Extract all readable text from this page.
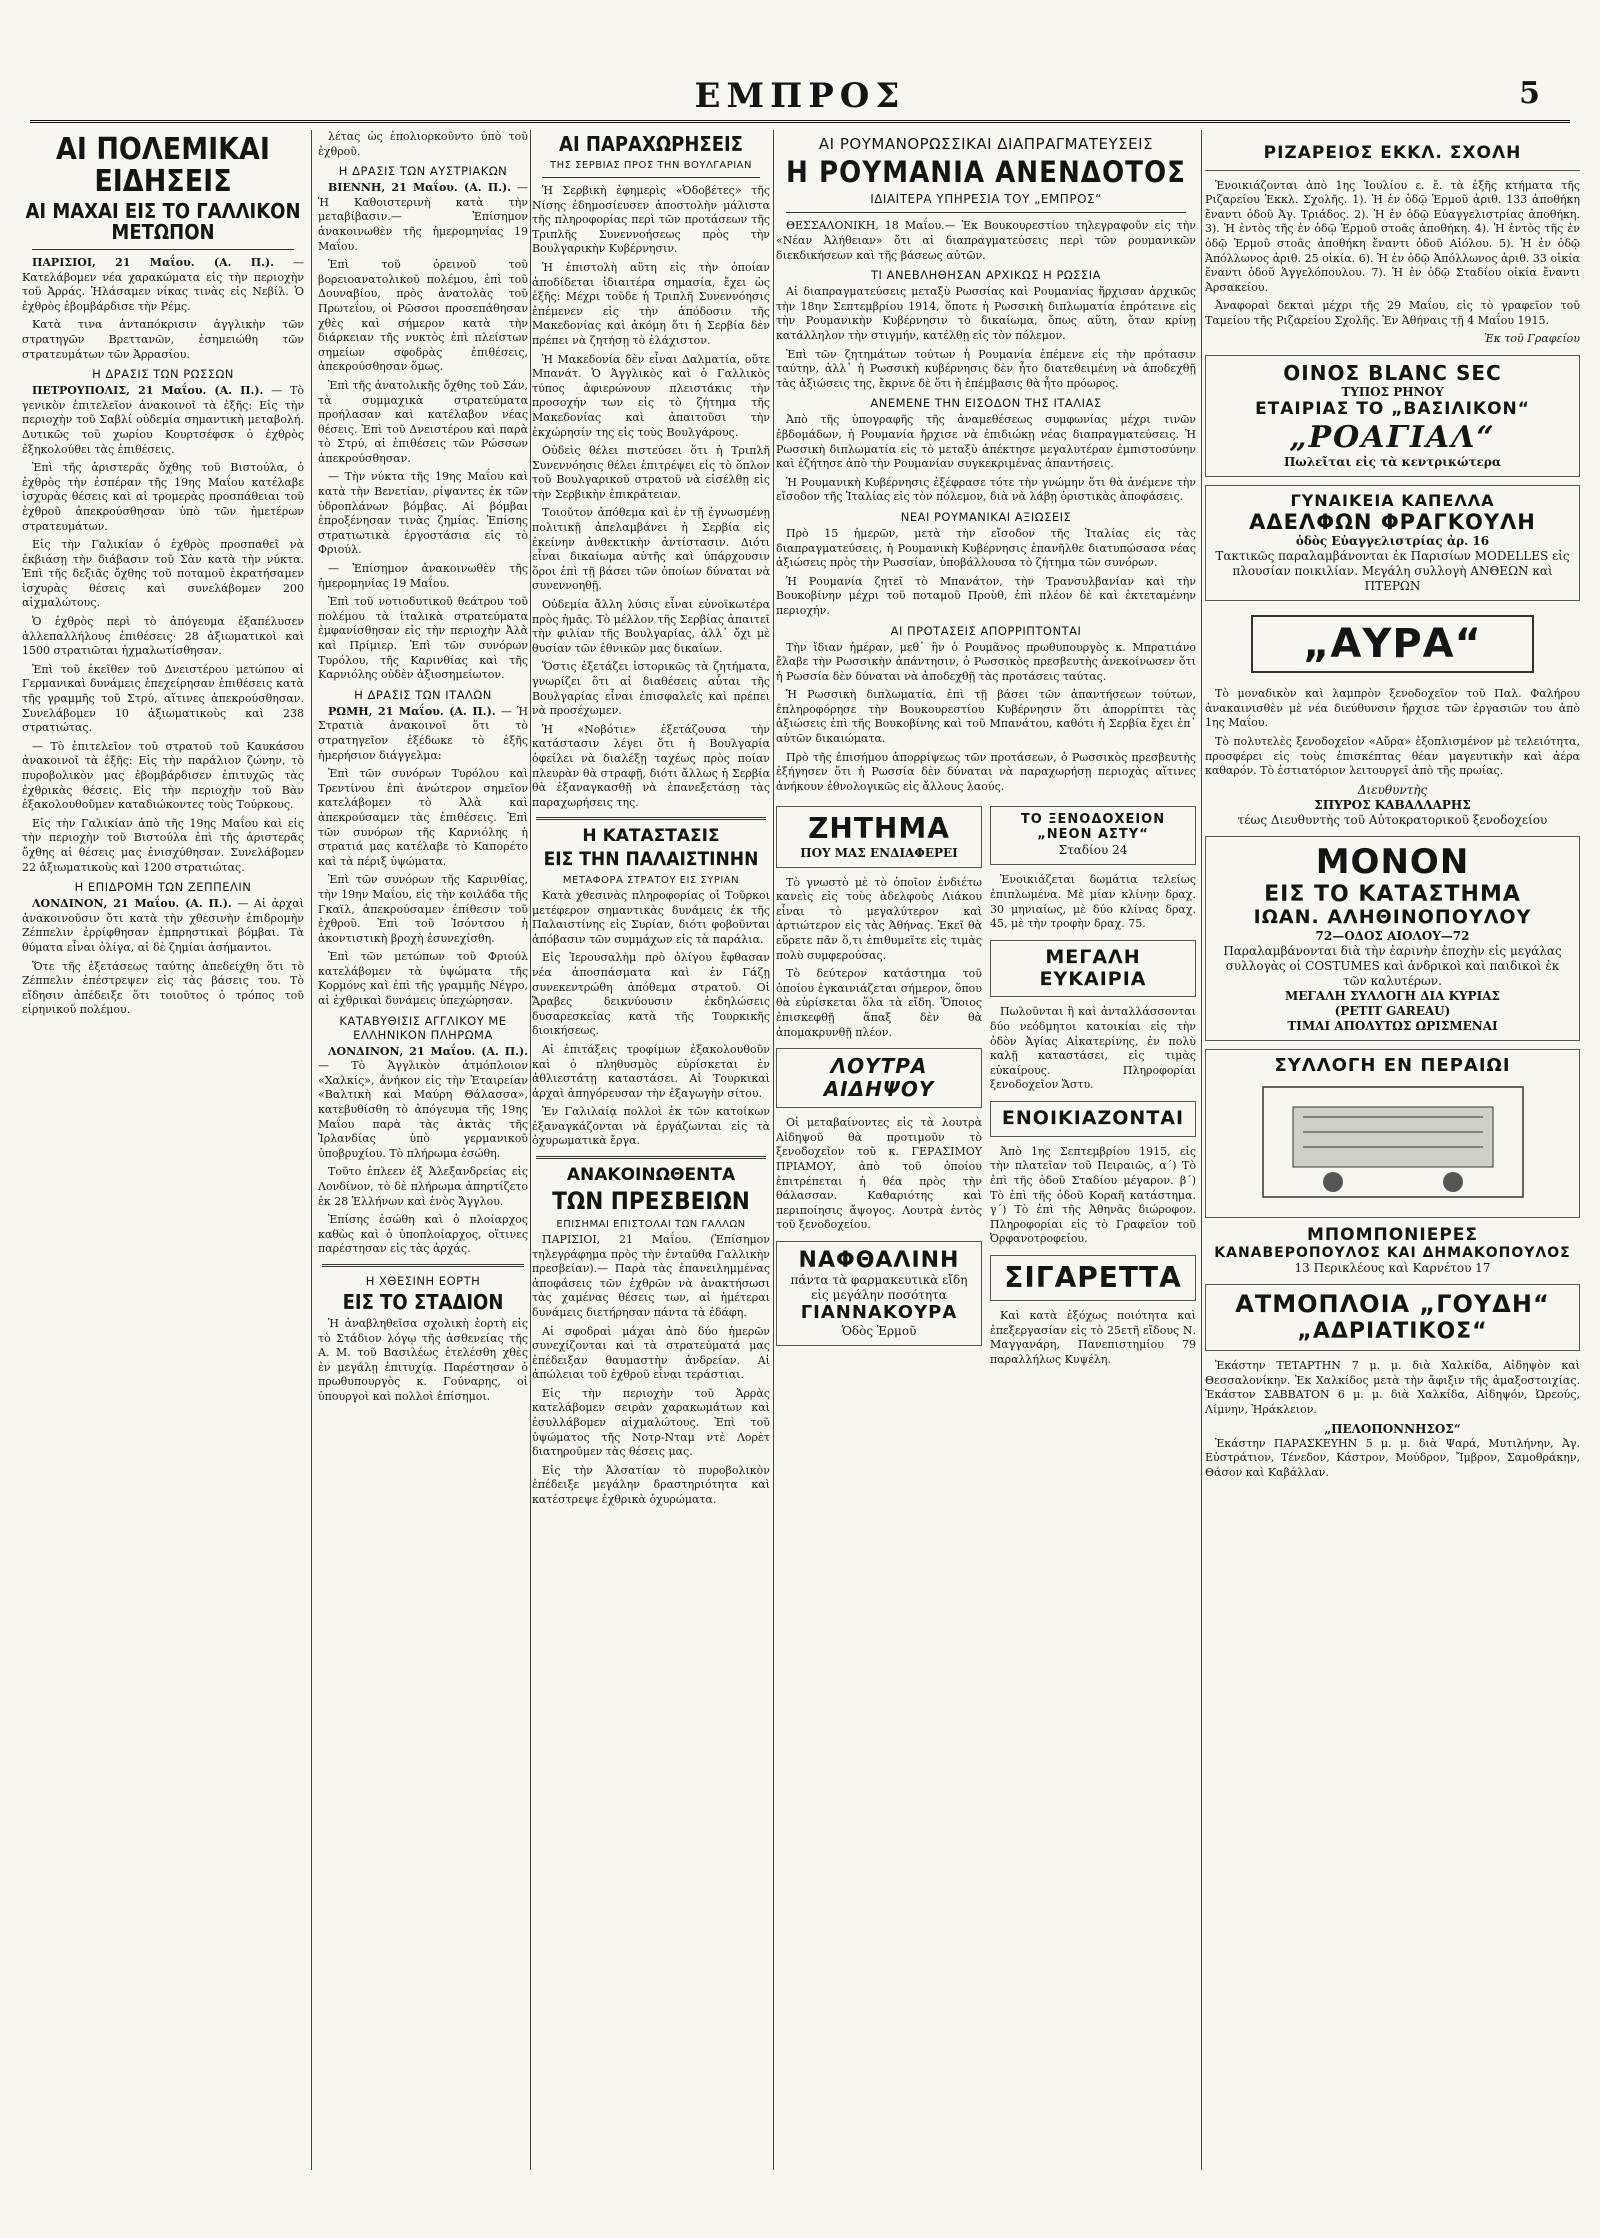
ΕΜΠΡΟΣ	5
ΑΙ ΠΟΛΕΜΙΚΑΙ ΕΙΔΗΣΕΙΣ
ΑΙ ΜΑΧΑΙ ΕΙΣ ΤΟ ΓΑΛΛΙΚΟΝ ΜΕΤΩΠΟΝ

ΠΑΡΙΣΙΟΙ, 21 Μαΐου. (Α. Π.). — Κατελάβομεν νέα χαρακώματα εἰς τὴν περιοχὴν τοῦ Ἀρράς. Ἠλάσαμεν νίκας τινὰς εἰς Νεβίλ. Ὁ ἐχθρὸς ἐβομβάρδισε τὴν Ρέμς.

Κατὰ τινα ἀνταπόκρισιν ἀγγλικὴν τῶν στρατηγῶν Βρεττανῶν, ἐσημειώθη τῶν στρατευμάτων τῶν Ἀρρασίου.

Η ΔΡΑΣΙΣ ΤΩΝ ΡΩΣΣΩΝ

ΠΕΤΡΟΥΠΟΛΙΣ, 21 Μαΐου. (Α. Π.). — Τὸ γενικὸν ἐπιτελεῖον ἀνακοινοῖ τὰ ἑξῆς: Εἰς τὴν περιοχὴν τοῦ Σαβλί οὐδεμία σημαντικὴ μεταβολή. Δυτικῶς τοῦ χωρίου Κουρτσέφσκ ὁ ἐχθρὸς ἐξηκολούθει τὰς ἐπιθέσεις.

Ἐπὶ τῆς ἀριστερᾶς ὄχθης τοῦ Βιστούλα, ὁ ἐχθρὸς τὴν ἐσπέραν τῆς 19ης Μαΐου κατέλαβε ἰσχυρὰς θέσεις καὶ αἱ τρομερὰς προσπάθειαι τοῦ ἐχθροῦ ἀπεκρούσθησαν ὑπὸ τῶν ἡμετέρων στρατευμάτων.

Εἰς τὴν Γαλικίαν ὁ ἐχθρὸς προσπαθεῖ νὰ ἐκβιάσῃ τὴν διάβασιν τοῦ Σὰν κατὰ τὴν νύκτα. Ἐπὶ τῆς δεξιᾶς ὄχθης τοῦ ποταμοῦ ἐκρατήσαμεν ἰσχυρὰς θέσεις καὶ συνελάβομεν 200 αἰχμαλώτους.

Ὁ ἐχθρὸς περὶ τὸ ἀπόγευμα ἐξαπέλυσεν ἀλλεπαλλήλους ἐπιθέσεις· 28 ἀξιωματικοὶ καὶ 1500 στρατιῶται ἠχμαλωτίσθησαν.

Ἐπὶ τοῦ ἐκεῖθεν τοῦ Δνειστέρου μετώπου αἱ Γερμανικαὶ δυνάμεις ἐπεχείρησαν ἐπιθέσεις κατὰ τῆς γραμμῆς τοῦ Στρύ, αἵτινες ἀπεκρούσθησαν. Συνελάβομεν 10 ἀξιωματικοὺς καὶ 238 στρατιώτας.

— Τὸ ἐπιτελεῖον τοῦ στρατοῦ τοῦ Καυκάσου ἀνακοινοῖ τὰ ἑξῆς: Εἰς τὴν παράλιον ζώνην, τὸ πυροβολικὸν μας ἐβομβάρδισεν ἐπιτυχῶς τὰς ἐχθρικὰς θέσεις. Εἰς τὴν περιοχὴν τοῦ Βὰν ἐξακολουθοῦμεν καταδιώκοντες τοὺς Τούρκους.

Εἰς τὴν Γαλικίαν ἀπὸ τῆς 19ης Μαΐου καὶ εἰς τὴν περιοχὴν τοῦ Βιστούλα ἐπὶ τῆς ἀριστερᾶς ὄχθης αἱ θέσεις μας ἐνισχύθησαν. Συνελάβομεν 22 ἀξιωματικοὺς καὶ 1200 στρατιώτας.

Η ΕΠΙΔΡΟΜΗ ΤΩΝ ΖΕΠΠΕΛΙΝ

ΛΟΝΔΙΝΟΝ, 21 Μαΐου. (Α. Π.). — Αἱ ἀρχαὶ ἀνακοινοῦσιν ὅτι κατὰ τὴν χθεσινὴν ἐπιδρομὴν Ζέππελιν ἐρρίφθησαν ἐμπρηστικαὶ βόμβαι. Τὰ θύματα εἶναι ὀλίγα, αἱ δὲ ζημίαι ἀσήμαντοι.

Ὅτε τῆς ἐξετάσεως ταύτης ἀπεδείχθη ὅτι τὸ Ζέππελιν ἐπέστρεψεν εἰς τὰς βάσεις του. Τὸ εἴδησιν ἀπέδειξε ὅτι τοιοῦτος ὁ τρόπος τοῦ εἰρηνικοῦ πολέμου.

λέτας ὡς ἐπολιορκοῦντο ὑπὸ τοῦ ἐχθροῦ.

Η ΔΡΑΣΙΣ ΤΩΝ ΑΥΣΤΡΙΑΚΩΝ

ΒΙΕΝΝΗ, 21 Μαΐου. (Α. Π.). — Ἡ Καθοιστερινὴ κατὰ τὴν μεταβίβασιν.— Ἐπίσημον ἀνακοινωθὲν τῆς ἡμερομηνίας 19 Μαΐου.

Ἐπὶ τοῦ ὀρεινοῦ τοῦ βορειοανατολικοῦ πολέμου, ἐπὶ τοῦ Δουναβίου, πρὸς ἀνατολὰς τοῦ Πρωτεΐου, οἱ Ρῶσσοι προσεπάθησαν χθὲς καὶ σήμερον κατὰ τὴν διάρκειαν τῆς νυκτὸς ἐπὶ πλείστων σημείων σφοδρὰς ἐπιθέσεις, ἀπεκρούσθησαν ὅμως.

Ἐπὶ τῆς ἀνατολικῆς ὄχθης τοῦ Σάν, τὰ συμμαχικὰ στρατεύματα προήλασαν καὶ κατέλαβον νέας θέσεις. Ἐπὶ τοῦ Δνειστέρου καὶ παρὰ τὸ Στρύ, αἱ ἐπιθέσεις τῶν Ρώσσων ἀπεκρούσθησαν.

— Τὴν νύκτα τῆς 19ης Μαΐου καὶ κατὰ τὴν Βενετίαν, ρίψαντες ἐκ τῶν ὑδροπλάνων βόμβας. Αἱ βόμβαι ἐπροξένησαν τινὰς ζημίας. Ἐπίσης στρατιωτικὰ ἐργοστάσια εἰς τὸ Φριούλ.

— Ἐπίσημον ἀνακοινωθὲν τῆς ἡμερομηνίας 19 Μαΐου.

Ἐπὶ τοῦ νοτιοδυτικοῦ θεάτρου τοῦ πολέμου τὰ ἰταλικὰ στρατεύματα ἐμφανίσθησαν εἰς τὴν περιοχὴν Ἀλὰ καὶ Πρίμιερ. Ἐπὶ τῶν συνόρων Τυρόλου, τῆς Καρινθίας καὶ τῆς Καρνιόλης οὐδὲν ἀξιοσημείωτον.

Η ΔΡΑΣΙΣ ΤΩΝ ΙΤΑΛΩΝ

ΡΩΜΗ, 21 Μαΐου. (Α. Π.). — Ἡ Στρατιὰ ἀνακοινοῖ ὅτι τὸ στρατηγεῖον ἐξέδωκε τὸ ἑξῆς ἡμερήσιον διάγγελμα:

Ἐπὶ τῶν συνόρων Τυρόλου καὶ Τρεντίνου ἐπὶ ἀνώτερον σημεῖον κατελάβομεν τὸ Ἀλὰ καὶ ἀπεκρούσαμεν τὰς ἐπιθέσεις. Ἐπὶ τῶν συνόρων τῆς Καρνιόλης ἡ στρατιά μας κατέλαβε τὸ Καπορέτο καὶ τὰ πέριξ ὑψώματα.

Ἐπὶ τῶν συνόρων τῆς Καρινθίας, τὴν 19ην Μαΐου, εἰς τὴν κοιλάδα τῆς Γκαϊλ, ἀπεκρούσαμεν ἐπίθεσιν τοῦ ἐχθροῦ. Ἐπὶ τοῦ Ἰσόντσου ἡ ἀκοντιστικὴ βροχὴ ἐσυνεχίσθη.

Ἐπὶ τῶν μετώπων τοῦ Φριούλ κατελάβομεν τὰ ὑψώματα τῆς Κορμόνς καὶ ἐπὶ τῆς γραμμῆς Νέγρο, αἱ ἐχθρικαὶ δυνάμεις ὑπεχώρησαν.

ΚΑΤΑΒΥΘΙΣΙΣ ΑΓΓΛΙΚΟΥ ΜΕ ΕΛΛΗΝΙΚΟΝ ΠΛΗΡΩΜΑ

ΛΟΝΔΙΝΟΝ, 21 Μαΐου. (Α. Π.). — Τὸ Ἀγγλικὸν ἀτμόπλοιον «Χαλκίς», ἀνήκον εἰς τὴν Ἑταιρείαν «Βαλτικὴ καὶ Μαύρη Θάλασσα», κατεβυθίσθη τὸ ἀπόγευμα τῆς 19ης Μαΐου παρὰ τὰς ἀκτὰς τῆς Ἰρλανδίας ὑπὸ γερμανικοῦ ὑποβρυχίου. Τὸ πλήρωμα ἐσώθη.

Τοῦτο ἐπλεεν ἐξ Ἀλεξανδρείας εἰς Λονδίνον, τὸ δὲ πλήρωμα ἀπηρτίζετο ἐκ 28 Ἑλλήνων καὶ ἑνὸς Ἄγγλου.

Ἐπίσης ἐσώθη καὶ ὁ πλοίαρχος καθὼς καὶ ὁ ὑποπλοίαρχος, οἵτινες παρέστησαν εἰς τὰς ἀρχάς.

Η ΧΘΕΣΙΝΗ ΕΟΡΤΗ
ΕΙΣ ΤΟ ΣΤΑΔΙΟΝ

Ἡ ἀναβληθεῖσα σχολικὴ ἑορτὴ εἰς τὸ Στάδιον λόγῳ τῆς ἀσθενείας τῆς Α. Μ. τοῦ Βασιλέως ἐτελέσθη χθὲς ἐν μεγάλῃ ἐπιτυχίᾳ. Παρέστησαν ὁ πρωθυπουργὸς κ. Γούναρης, οἱ ὑπουργοὶ καὶ πολλοὶ ἐπίσημοι.

ΑΙ ΠΑΡΑΧΩΡΗΣΕΙΣ
ΤΗΣ ΣΕΡΒΙΑΣ ΠΡΟΣ ΤΗΝ ΒΟΥΛΓΑΡΙΑΝ

Ἡ Σερβικὴ ἐφημερὶς «Ὀδοβέτες» τῆς Νίσης ἐδημοσίευσεν ἀποστολὴν μάλιστα τῆς πληροφορίας περὶ τῶν προτάσεων τῆς Τριπλῆς Συνεννοήσεως πρὸς τὴν Βουλγαρικὴν Κυβέρνησιν.

Ἡ ἐπιστολὴ αὕτη εἰς τὴν ὁποίαν ἀποδίδεται ἰδιαιτέρα σημασία, ἔχει ὡς ἑξῆς: Μέχρι τοῦδε ἡ Τριπλῆ Συνεννόησις ἐπέμενεν εἰς τὴν ἀπόδοσιν τῆς Μακεδονίας καὶ ἀκόμη ὅτι ἡ Σερβία δὲν πρέπει νὰ ζητήσῃ τὸ ἐλάχιστον.

Ἡ Μακεδονία δὲν εἶναι Δαλματία, οὔτε Μπανάτ. Ὁ Ἀγγλικὸς καὶ ὁ Γαλλικὸς τύπος ἀφιερώνουν πλειστάκις τὴν προσοχήν των εἰς τὸ ζήτημα τῆς Μακεδονίας καὶ ἀπαιτοῦσι τὴν ἐκχώρησίν της εἰς τοὺς Βουλγάρους.

Οὐδεὶς θέλει πιστεύσει ὅτι ἡ Τριπλῆ Συνεννόησις θέλει ἐπιτρέψει εἰς τὸ ὅπλον τοῦ Βουλγαρικοῦ στρατοῦ νὰ εἰσέλθῃ εἰς τὴν Σερβικὴν ἐπικράτειαν.

Τοιοῦτον ἀπόθεμα καὶ ἐν τῇ ἐγνωσμένῃ πολιτικῇ ἀπελαμβάνει ἡ Σερβία εἰς ἐκείνην ἀνθεκτικὴν ἀντίστασιν. Διότι εἶναι δικαίωμα αὐτῆς καὶ ὑπάρχουσιν ὅροι ἐπὶ τῇ βάσει τῶν ὁποίων δύναται νὰ συνεννοηθῇ.

Οὐδεμία ἄλλη λύσις εἶναι εὐνοϊκωτέρα πρὸς ἡμᾶς. Τὸ μέλλον τῆς Σερβίας ἀπαιτεῖ τὴν φιλίαν τῆς Βουλγαρίας, ἀλλ᾽ ὄχι μὲ θυσίαν τῶν ἐθνικῶν μας δικαίων.

Ὅστις ἐξετάζει ἱστορικῶς τὰ ζητήματα, γνωρίζει ὅτι αἱ διαθέσεις αὗται τῆς Βουλγαρίας εἶναι ἐπισφαλεῖς καὶ πρέπει νὰ προσέχωμεν.

Ἡ «Νοβότιε» ἐξετάζουσα τὴν κατάστασιν λέγει ὅτι ἡ Βουλγαρία ὀφείλει νὰ διαλέξῃ ταχέως πρὸς ποίαν πλευρὰν θὰ στραφῇ, διότι ἄλλως ἡ Σερβία θὰ ἐξαναγκασθῇ νὰ ἐπανεξετάσῃ τὰς παραχωρήσεις της.

Η ΚΑΤΑΣΤΑΣΙΣ
ΕΙΣ ΤΗΝ ΠΑΛΑΙΣΤΙΝΗΝ
ΜΕΤΑΦΟΡΑ ΣΤΡΑΤΟΥ ΕΙΣ ΣΥΡΙΑΝ

Κατὰ χθεσινὰς πληροφορίας οἱ Τοῦρκοι μετέφερον σημαντικὰς δυνάμεις ἐκ τῆς Παλαιστίνης εἰς Συρίαν, διότι φοβοῦνται ἀπόβασιν τῶν συμμάχων εἰς τὰ παράλια.

Εἰς Ἱερουσαλὴμ πρὸ ὀλίγου ἔφθασαν νέα ἀποσπάσματα καὶ ἐν Γάζῃ συνεκεντρώθη ἀπόθεμα στρατοῦ. Οἱ Ἄραβες δεικνύουσιν ἐκδηλώσεις δυσαρεσκείας κατὰ τῆς Τουρκικῆς διοικήσεως.

Αἱ ἐπιτάξεις τροφίμων ἐξακολουθοῦν καὶ ὁ πληθυσμὸς εὑρίσκεται ἐν ἀθλιεστάτῃ καταστάσει. Αἱ Τουρκικαὶ ἀρχαὶ ἀπηγόρευσαν τὴν ἐξαγωγὴν σίτου.

Ἐν Γαλιλαίᾳ πολλοὶ ἐκ τῶν κατοίκων ἐξαναγκάζονται νὰ ἐργάζωνται εἰς τὰ ὀχυρωματικὰ ἔργα.

ΑΝΑΚΟΙΝΩΘΕΝΤΑ
ΤΩΝ ΠΡΕΣΒΕΙΩΝ
ΕΠΙΣΗΜΑΙ ΕΠΙΣΤΟΛΑΙ ΤΩΝ ΓΑΛΛΩΝ

ΠΑΡΙΣΙΟΙ, 21 Μαΐου. (Ἐπίσημον τηλεγράφημα πρὸς τὴν ἐνταῦθα Γαλλικὴν πρεσβείαν).— Παρὰ τὰς ἐπανειλημμένας ἀποφάσεις τῶν ἐχθρῶν νὰ ἀνακτήσωσι τὰς χαμένας θέσεις των, αἱ ἡμέτεραι δυνάμεις διετήρησαν πάντα τὰ ἐδάφη.

Αἱ σφοδραὶ μάχαι ἀπὸ δύο ἡμερῶν συνεχίζονται καὶ τὰ στρατεύματά μας ἐπέδειξαν θαυμαστὴν ἀνδρείαν. Αἱ ἀπώλειαι τοῦ ἐχθροῦ εἶναι τεράστιαι.

Εἰς τὴν περιοχὴν τοῦ Ἀρρὰς κατελάβομεν σειρὰν χαρακωμάτων καὶ ἐσυλλάβομεν αἰχμαλώτους. Ἐπὶ τοῦ ὑψώματος τῆς Νοτρ-Νταμ ντὲ Λορὲτ διατηροῦμεν τὰς θέσεις μας.

Εἰς τὴν Ἀλσατίαν τὸ πυροβολικὸν ἐπέδειξε μεγάλην δραστηριότητα καὶ κατέστρεψε ἐχθρικὰ ὀχυρώματα.

ΑΙ ΡΟΥΜΑΝΟΡΩΣΣΙΚΑΙ ΔΙΑΠΡΑΓΜΑΤΕΥΣΕΙΣ
Η ΡΟΥΜΑΝΙΑ ΑΝΕΝΔΟΤΟΣ
ΙΔΙΑΙΤΕΡΑ ΥΠΗΡΕΣΙΑ ΤΟΥ „ΕΜΠΡΟΣ“

ΘΕΣΣΑΛΟΝΙΚΗ, 18 Μαΐου.— Ἐκ Βουκουρεστίου τηλεγραφοῦν εἰς τὴν «Νέαν Ἀλήθειαν» ὅτι αἱ διαπραγματεύσεις περὶ τῶν ρουμανικῶν διεκδικήσεων καὶ τῆς βάσεως αὐτῶν.

ΤΙ ΑΝΕΒΛΗΘΗΣΑΝ ΑΡΧΙΚΩΣ Η ΡΩΣΣΙΑ

Αἱ διαπραγματεύσεις μεταξὺ Ρωσσίας καὶ Ρουμανίας ἤρχισαν ἀρχικῶς τὴν 18ην Σεπτεμβρίου 1914, ὅποτε ἡ Ρωσσικὴ διπλωματία ἐπρότεινε εἰς τὴν Ρουμανικὴν Κυβέρνησιν τὸ δικαίωμα, ὅπως αὕτη, ὅταν κρίνῃ κατάλληλον τὴν στιγμήν, κατέλθῃ εἰς τὸν πόλεμον.

Ἐπὶ τῶν ζητημάτων τούτων ἡ Ρουμανία ἐπέμενε εἰς τὴν πρότασιν ταύτην, ἀλλ᾽ ἡ Ρωσσικὴ κυβέρνησις δὲν ἦτο διατεθειμένη νὰ ἀποδεχθῇ τὰς ἀξιώσεις της, ἔκρινε δὲ ὅτι ἡ ἐπέμβασις θὰ ἦτο πρόωρος.

ΑΝΕΜΕΝΕ ΤΗΝ ΕΙΣΟΔΟΝ ΤΗΣ ΙΤΑΛΙΑΣ

Ἀπὸ τῆς ὑπογραφῆς τῆς ἀναμεθέσεως συμφωνίας μέχρι τινῶν ἑβδομάδων, ἡ Ρουμανία ἤρχισε νὰ ἐπιδιώκῃ νέας διαπραγματεύσεις. Ἡ Ρωσσικὴ διπλωματία εἰς τὸ μεταξὺ ἀπέκτησε μεγαλυτέραν ἐμπιστοσύνην καὶ ἐζήτησε ἀπὸ τὴν Ρουμανίαν συγκεκριμένας ἀπαντήσεις.

Ἡ Ρουμανικὴ Κυβέρνησις ἐξέφρασε τότε τὴν γνώμην ὅτι θὰ ἀνέμενε τὴν εἴσοδον τῆς Ἰταλίας εἰς τὸν πόλεμον, διὰ νὰ λάβῃ ὁριστικὰς ἀποφάσεις.

ΝΕΑΙ ΡΟΥΜΑΝΙΚΑΙ ΑΞΙΩΣΕΙΣ

Πρὸ 15 ἡμερῶν, μετὰ τὴν εἴσοδον τῆς Ἰταλίας εἰς τὰς διαπραγματεύσεις, ἡ Ρουμανικὴ Κυβέρνησις ἐπανῆλθε διατυπώσασα νέας ἀξιώσεις πρὸς τὴν Ρωσσίαν, ὑποβάλλουσα τὸ ζήτημα τῶν συνόρων.

Ἡ Ρουμανία ζητεῖ τὸ Μπανάτον, τὴν Τρανσυλβανίαν καὶ τὴν Βουκοβίνην μέχρι τοῦ ποταμοῦ Προὺθ, ἐπὶ πλέον δὲ καὶ ἐκτεταμένην περιοχήν.

ΑΙ ΠΡΟΤΑΣΕΙΣ ΑΠΟΡΡΙΠΤΟΝΤΑΙ

Τὴν ἴδιαν ἡμέραν, μεθ᾽ ἣν ὁ Ρουμᾶνος πρωθυπουργὸς κ. Μπρατιάνο ἔλαβε τὴν Ρωσσικὴν ἀπάντησιν, ὁ Ρωσσικὸς πρεσβευτὴς ἀνεκοίνωσεν ὅτι ἡ Ρωσσία δὲν δύναται νὰ ἀποδεχθῇ τὰς προτάσεις ταύτας.

Ἡ Ρωσσικὴ διπλωματία, ἐπὶ τῇ βάσει τῶν ἀπαντήσεων τούτων, ἐπληροφόρησε τὴν Βουκουρεστίου Κυβέρνησιν ὅτι ἀπορρίπτει τὰς ἀξιώσεις ἐπὶ τῆς Βουκοβίνης καὶ τοῦ Μπανάτου, καθότι ἡ Σερβία ἔχει ἐπ᾽ αὐτῶν δικαιώματα.

Πρὸ τῆς ἐπισήμου ἀπορρίψεως τῶν προτάσεων, ὁ Ρωσσικὸς πρεσβευτὴς ἐξήγησεν ὅτι ἡ Ρωσσία δὲν δύναται νὰ παραχωρήσῃ περιοχὰς αἵτινες ἀνήκουν ἐθνολογικῶς εἰς ἄλλους λαούς.

ΖΗΤΗΜΑ
ΠΟΥ ΜΑΣ ΕΝΔΙΑΦΕΡΕΙ

Τὸ γνωστὸ μὲ τὸ ὁποῖον ἐνδιέτω κανεὶς εἰς τοὺς ἀδελφοὺς Λιάκου εἶναι τὸ μεγαλύτερον καὶ ἀρτιώτερον εἰς τὰς Ἀθήνας. Ἐκεῖ θὰ εὕρετε πᾶν ὅ,τι ἐπιθυμεῖτε εἰς τιμὰς πολὺ συμφερούσας.

Τὸ δεύτερον κατάστημα τοῦ ὁποίου ἐγκαινιάζεται σήμερον, ὅπου θὰ εὑρίσκεται ὅλα τὰ εἴδη. Ὅποιος ἐπισκεφθῇ ἅπαξ δὲν θὰ ἀπομακρυνθῇ πλέον.

ΛΟΥΤΡΑ ΑΙΔΗΨΟΥ

Οἱ μεταβαίνοντες εἰς τὰ λουτρὰ Αἰδηψοῦ θὰ προτιμοῦν τὸ ξενοδοχεῖον τοῦ κ. ΓΕΡΑΣΙΜΟΥ ΠΡΙΑΜΟΥ, ἀπὸ τοῦ ὁποίου ἐπιτρέπεται ἡ θέα πρὸς τὴν θάλασσαν. Καθαριότης καὶ περιποίησις ἄψογος. Λουτρὰ ἐντὸς τοῦ ξενοδοχείου.

ΝΑΦΘΑΛΙΝΗ
πάντα τὰ φαρμακευτικὰ εἴδη εἰς μεγάλην ποσότητα
ΓΙΑΝΝΑΚΟΥΡΑ
Ὁδὸς Ἑρμοῦ
ΤΟ ΞΕΝΟΔΟΧΕΙΟΝ „ΝΕΟΝ ΑΣΤΥ“
Σταδίου 24

Ἐνοικιάζεται δωμάτια τελείως ἐπιπλωμένα. Μὲ μίαν κλίνην δραχ. 30 μηνιαίως, μὲ δύο κλίνας δραχ. 45, μὲ τὴν τροφὴν δραχ. 75.

ΜΕΓΑΛΗ ΕΥΚΑΙΡΙΑ

Πωλοῦνται ἢ καὶ ἀνταλλάσσονται δύο νεόδμητοι κατοικίαι εἰς τὴν ὁδὸν Ἀγίας Αἰκατερίνης, ἐν πολὺ καλῇ καταστάσει, εἰς τιμὰς εὐκαίρους. Πληροφορίαι ξενοδοχεῖον Ἄστυ.

ΕΝΟΙΚΙΑΖΟΝΤΑΙ

Ἀπὸ 1ης Σεπτεμβρίου 1915, εἰς τὴν πλατεῖαν τοῦ Πειραιῶς, α΄) Τὸ ἐπὶ τῆς ὁδοῦ Σταδίου μέγαρον. β΄) Τὸ ἐπὶ τῆς ὁδοῦ Κοραῆ κατάστημα. γ΄) Τὸ ἐπὶ τῆς Ἀθηνᾶς διώροφον. Πληροφορίαι εἰς τὸ Γραφεῖον τοῦ Ὀρφανοτροφείου.

ΣΙΓΑΡΕΤΤΑ

Καὶ κατὰ ἐξόχως ποιότητα καὶ ἐπεξεργασίαν εἰς τὸ 25ετῆ εἴδους Ν. Μαγγανάρη, Πανεπιστημίου 79 παραλλήλως Κυψέλη.

ΡΙΖΑΡΕΙΟΣ ΕΚΚΛ. ΣΧΟΛΗ

Ἐνοικιάζονται ἀπὸ 1ης Ἰουλίου ε. ἔ. τὰ ἑξῆς κτήματα τῆς Ριζαρείου Ἐκκλ. Σχολῆς. 1). Ἡ ἐν ὁδῷ Ἑρμοῦ ἀριθ. 133 ἀποθήκη ἔναντι ὁδοῦ Ἀγ. Τριάδος. 2). Ἡ ἐν ὁδῷ Εὐαγγελιστρίας ἀποθήκη. 3). Ἡ ἐντὸς τῆς ἐν ὁδῷ Ἑρμοῦ στοᾶς ἀποθήκη. 4). Ἡ ἐντὸς τῆς ἐν ὁδῷ Ἑρμοῦ στοᾶς ἀποθήκη ἔναντι ὁδοῦ Αἰόλου. 5). Ἡ ἐν ὁδῷ Ἀπόλλωνος ἀριθ. 25 οἰκία. 6). Ἡ ἐν ὁδῷ Ἀπόλλωνος ἀριθ. 33 οἰκία ἔναντι ὁδοῦ Ἀγγελόπουλου. 7). Ἡ ἐν ὁδῷ Σταδίου οἰκία ἔναντι Ἀρσακείου.

Ἀναφοραὶ δεκταὶ μέχρι τῆς 29 Μαΐου, εἰς τὸ γραφεῖον τοῦ Ταμείου τῆς Ριζαρείου Σχολῆς. Ἐν Ἀθήναις τῇ 4 Μαΐου 1915.

Ἐκ τοῦ Γραφείου

ΟΙΝΟΣ BLANC SEC
ΤΥΠΟΣ ΡΗΝΟΥ
ΕΤΑΙΡΙΑΣ ΤΟ „ΒΑΣΙΛΙΚΟΝ“
„ΡΟΑΓΙΑΛ“
Πωλεῖται εἰς τὰ κεντρικώτερα
ΓΥΝΑΙΚΕΙΑ ΚΑΠΕΛΛΑ
ΑΔΕΛΦΩΝ ΦΡΑΓΚΟΥΛΗ
ὁδὸς Εὐαγγελιστρίας ἀρ. 16
Τακτικῶς παραλαμβάνονται ἐκ Παρισίων MODELLES εἰς πλουσίαν ποικιλίαν. Μεγάλη συλλογὴ ΑΝΘΕΩΝ καὶ ΠΤΕΡΩΝ
„ΑΥΡΑ“

Τὸ μοναδικὸν καὶ λαμπρὸν ξενοδοχεῖον τοῦ Παλ. Φαλήρου ἀνακαινισθὲν μὲ νέα διεύθυνσιν ἤρχισε τῶν ἐργασιῶν του ἀπὸ 1ης Μαΐου.

Τὸ πολυτελὲς ξενοδοχεῖον «Αὔρα» ἐξοπλισμένον μὲ τελειότητα, προσφέρει εἰς τοὺς ἐπισκέπτας θέαν μαγευτικὴν καὶ ἀέρα καθαρόν. Τὸ ἑστιατόριον λειτουργεῖ ἀπὸ τῆς πρωίας.

Διευθυντὴς
ΣΠΥΡΟΣ ΚΑΒΑΛΛΑΡΗΣ
τέως Διευθυντὴς τοῦ Αὐτοκρατορικοῦ ξενοδοχείου
ΜΟΝΟΝ
ΕΙΣ ΤΟ ΚΑΤΑΣΤΗΜΑ
ΙΩΑΝ. ΑΛΗΘΙΝΟΠΟΥΛΟΥ
72—ΟΔΟΣ ΑΙΟΛΟΥ—72
Παραλαμβάνονται διὰ τὴν ἐαρινὴν ἐποχὴν εἰς μεγάλας συλλογὰς οἱ COSTUMES καὶ ἀνδρικοὶ καὶ παιδικοὶ ἐκ τῶν καλυτέρων.
ΜΕΓΑΛΗ ΣΥΛΛΟΓΗ ΔΙΑ ΚΥΡΙΑΣ
(PETIT GAREAU)
ΤΙΜΑΙ ΑΠΟΛΥΤΩΣ ΩΡΙΣΜΕΝΑΙ
ΣΥΛΛΟΓΗ ΕΝ ΠΕΡΑΙΩΙ
ΜΠΟΜΠΟΝΙΕΡΕΣ
ΚΑΝΑΒΕΡΟΠΟΥΛΟΣ ΚΑΙ ΔΗΜΑΚΟΠΟΥΛΟΣ
13 Περικλέους καὶ Καρνέτου 17
ΑΤΜΟΠΛΟΙΑ „ΓΟΥΔΗ“
„ΑΔΡΙΑΤΙΚΟΣ“

Ἐκάστην ΤΕΤΑΡΤΗΝ 7 μ. μ. διὰ Χαλκίδα, Αἰδηψὸν καὶ Θεσσαλονίκην. Ἐκ Χαλκίδος μετὰ τὴν ἄφιξιν τῆς ἁμαξοστοιχίας. Ἐκάστον ΣΑΒΒΑΤΟΝ 6 μ. μ. διὰ Χαλκίδα, Αἰδηψόν, Ὠρεούς, Λίμνην, Ἠράκλειον.

„ΠΕΛΟΠΟΝΝΗΣΟΣ“

Ἐκάστην ΠΑΡΑΣΚΕΥΗΝ 5 μ. μ. διὰ Ψαρά, Μυτιλήνην, Ἀγ. Εὐστράτιον, Τένεδον, Κάστρον, Μούδρον, Ἴμβρον, Σαμοθράκην, Θάσον καὶ Καβάλλαν.
